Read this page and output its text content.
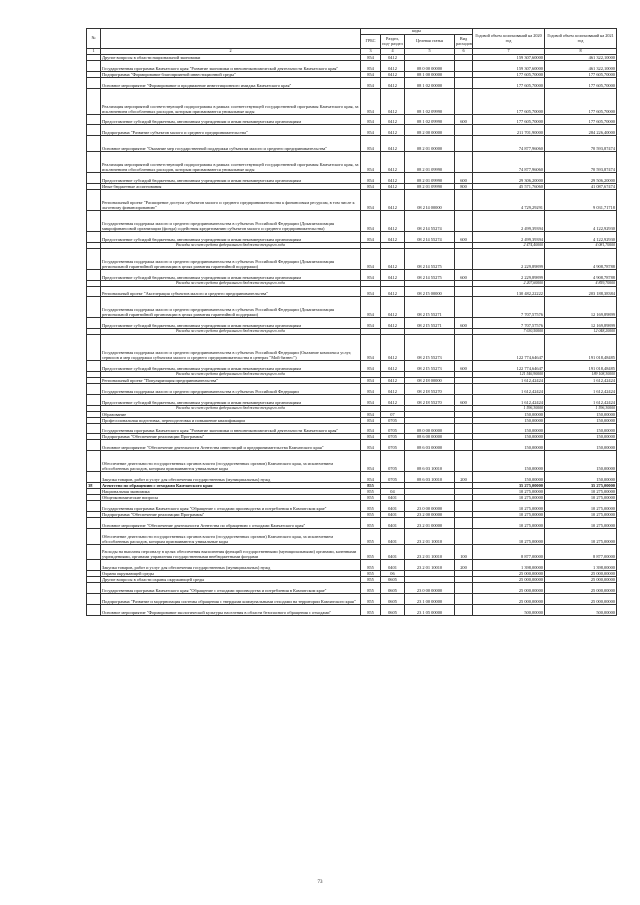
№		коды				Годовой объем ассигнований на 2020 год	Годовой объем ассигнований на 2021 год
		ГРБС	Раздел, под- раздел	Целевая статья	Вид расходов		
1	2	3	4	5	6	7	8
	Другие вопросы в области национальной экономики	854	0412			159 307,60000	461 322,10000
	Государственная программа Камчатского края "Развитие экономики и внешнеэкономической деятельности Камчатского края"	854	0412	08 0 00 00000		159 307,60000	461 322,10000
	Подпрограмма "Формирование благоприятной инвестиционной среды"	854	0412	08 1 00 00000		177 605,70000	177 605,70000
	Основное мероприятие "Формирование и продвижение инвестиционного имиджа Камчатского края"	854	0412	08 1 02 00000		177 605,70000	177 605,70000
	Реализация мероприятий соответствующей подпрограммы в рамках соответствующей государственной программы Камчатского края, за исключением обособленных расходов, которым присваиваются уникальные коды	854	0412	08 1 02 09990		177 605,70000	177 605,70000
	Предоставление субсидий бюджетным, автономным учреждениям и иным некоммерческим организациям	854	0412	08 1 02 09990	600	177 605,70000	177 605,70000
	Подпрограмма "Развитие субъектов малого и среднего предпринимательства"	854	0412	08 2 00 00000		211 701,90000	284 226,40000
	Основное мероприятие "Оказание мер государственной поддержки субъектам малого и среднего предпринимательства"	854	0412	08 2 01 00000		74 877,96060	70 593,87474
	Реализация мероприятий соответствующей подпрограммы в рамках соответствующей государственной программы Камчатского края, за исключением обособленных расходов, которым присваиваются уникальные коды	854	0412	08 2 01 09990		74 877,96060	70 593,87474
	Предоставление субсидий бюджетным, автономным учреждениям и иным некоммерческим организациям	854	0412	08 2 01 09990	600	29 306,20000	29 506,20000
	Иные бюджетные ассигнования	854	0412	08 2 01 09990	800	45 571,76060	41 087,67474
	Региональный проект "Расширение доступа субъектов малого и среднего предпринимательства к финансовым ресурсам, в том числе к льготному финансированию"	854	0412	08 2 I4 00000		4 729,29291	9 031,71718
	Государственная поддержка малого и среднего предпринимательства в субъектах Российской Федерации (Докапитализация микрофинансовой организации (фонда) содействия кредитованию субъектов малого и среднего предпринимательства)	854	0412	08 2 I4 55274		2 499,39394	4 122,92930
	Предоставление субсидий бюджетным, автономным учреждениям и иным некоммерческим организациям	854	0412	08 2 I4 55274	600	2 499,39394	4 122,92930
	Расходы за счет средств федерального бюджета текущего года					2 474,40000	4 081,70000
	Государственная поддержка малого и среднего предпринимательства в субъектах Российской Федерации (Докапитализация региональной гарантийной организации в целях развития гарантийной поддержки)	854	0412	08 2 I4 55275		2 229,89899	4 908,78788
	Предоставление субсидий бюджетным, автономным учреждениям и иным некоммерческим организациям	854	0412	08 2 I4 55275	600	2 229,89899	4 908,78788
	Расходы за счет средств федерального бюджета текущего года					2 207,60000	4 859,70000
	Региональный проект "Акселерация субъектов малого и среднего предпринимательства"	854	0412	08 2 I5 00000		130 482,22222	203 188,38384
	Государственная поддержка малого и среднего предпринимательства в субъектах Российской Федерации (Докапитализация региональной гарантийной организации в целях развития гарантийной поддержки)	854	0412	08 2 I5 55271		7 707,57576	12 169,89899
	Предоставление субсидий бюджетным, автономным учреждениям и иным некоммерческим организациям	854	0412	08 2 I5 55271	600	7 707,57576	12 169,89899
	Расходы за счет средств федерального бюджета текущего года					7 630,50000	12 048,20000
	Государственная поддержка малого и среднего предпринимательства в субъектах Российской Федерации (Оказание комплекса услуг, сервисов и мер поддержки субъектам малого и среднего предпринимательства в центрах "Мой бизнес")	854	0412	08 2 I5 55273		122 774,64647	191 018,48485
	Предоставление субсидий бюджетным, автономным учреждениям и иным некоммерческим организациям	854	0412	08 2 I5 55273	600	122 774,64647	191 018,48485
	Расходы за счет средств федерального бюджета текущего года					121 546,90000	189 108,30000
	Региональный проект "Популяризация предпринимательства"	854	0412	08 2 I8 00000		1 612,42424	1 612,42424
	Государственная поддержка малого и среднего предпринимательства в субъектах Российской Федерации	854	0412	08 2 I8 55270		1 612,42424	1 612,42424
	Предоставление субсидий бюджетным, автономным учреждениям и иным некоммерческим организациям	854	0412	08 2 I8 55270	600	1 612,42424	1 612,42424
	Расходы за счет средств федерального бюджета текущего года					1 596,30000	1 596,30000
	Образование	854	07			150,00000	150,00000
	Профессиональная подготовка, переподготовка и повышение квалификации	854	0705			150,00000	150,00000
	Государственная программа Камчатского края "Развитие экономики и внешнеэкономической деятельности Камчатского края"	854	0705	08 0 00 00000		150,00000	150,00000
	Подпрограмма "Обеспечение реализации Программы"	854	0705	08 6 00 00000		150,00000	150,00000
	Основное мероприятие "Обеспечение деятельности Агентства инвестиций и предпринимательства Камчатского края"	854	0705	08 6 03 00000		150,00000	150,00000
	Обеспечение деятельности государственных органов власти (государственных органов) Камчатского края, за исключением обособленных расходов, которым присваиваются уникальные коды	854	0705	08 6 03 10010		150,00000	150,00000
	Закупка товаров, работ и услуг для обеспечения государственных (муниципальных) нужд	854	0705	08 6 03 10010	200	150,00000	150,00000
38	Агентство по обращению с отходами Камчатского края	855				35 275,00000	35 275,00000
	Национальная экономика	855	04			10 275,00000	10 275,00000
	Общеэкономические вопросы	855	0401			10 275,00000	10 275,00000
	Государственная программа Камчатского края "Обращение с отходами производства и потребления в Камчатском крае"	855	0401	23 0 00 00000		10 275,00000	10 275,00000
	Подпрограмма "Обеспечение реализации Программы"	855	0401	23 2 00 00000		10 275,00000	10 275,00000
	Основное мероприятие "Обеспечение деятельности Агентства по обращению с отходами Камчатского края"	855	0401	23 2 01 00000		10 275,00000	10 275,00000
	Обеспечение деятельности государственных органов власти (государственных органов) Камчатского края, за исключением обособленных расходов, которым присваиваются уникальные коды	855	0401	23 2 01 10010		10 275,00000	10 275,00000
	Расходы на выплаты персоналу в целях обеспечения выполнения функций государственными (муниципальными) органами, казенными учреждениями, органами управления государственными внебюджетными фондами	855	0401	23 2 01 10010	100	8 877,00000	8 877,00000
	Закупка товаров, работ и услуг для обеспечения государственных (муниципальных) нужд	855	0401	23 2 01 10010	200	1 398,00000	1 398,00000
	Охрана окружающей среды	855	06			25 000,00000	25 000,00000
	Другие вопросы в области охраны окружающей среды	855	0605			25 000,00000	25 000,00000
	Государственная программа Камчатского края "Обращение с отходами производства и потребления в Камчатском крае"	855	0605	23 0 00 00000		25 000,00000	25 000,00000
	Подпрограмма "Развитие и модернизация системы обращения с твердыми коммунальными отходами на территории Камчатского края"	855	0605	23 1 00 00000		25 000,00000	25 000,00000
	Основное мероприятие "Формирование экологической культуры населения в области безопасного обращения с отходами"	855	0605	23 1 05 00000		500,00000	500,00000
73
